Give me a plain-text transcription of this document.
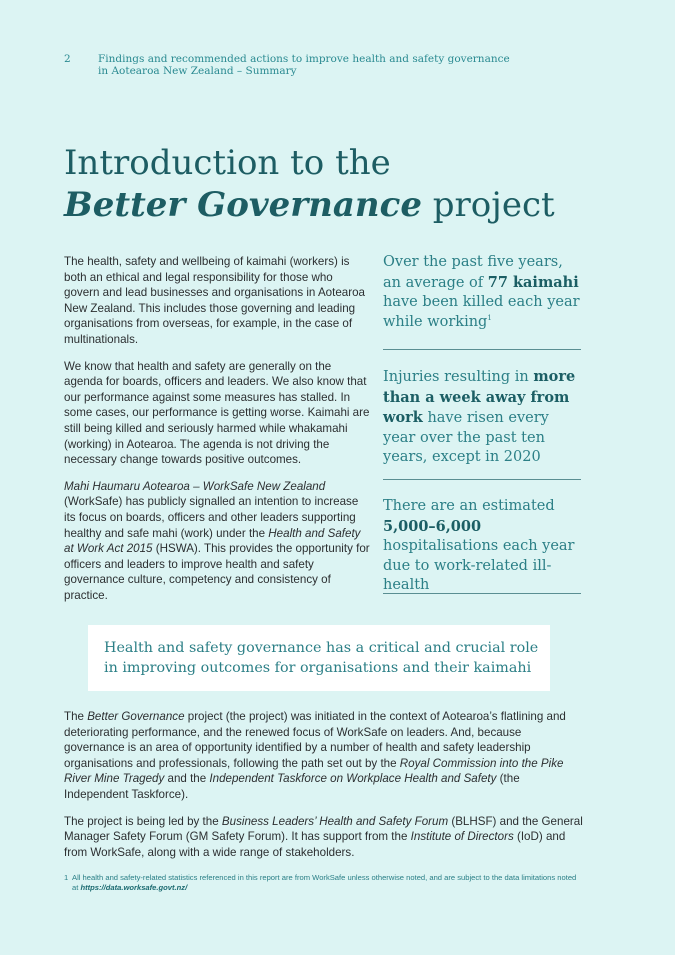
2	Findings and recommended actions to improve health and safety governance
in Aotearoa New Zealand – Summary
Introduction to the
Better Governance project

The health, safety and wellbeing of kaimahi (workers) is both an ethical and legal responsibility for those who govern and lead businesses and organisations in Aotearoa New Zealand. This includes those governing and leading organisations from overseas, for example, in the case of multinationals.

We know that health and safety are generally on the agenda for boards, officers and leaders. We also know that our performance against some measures has stalled. In some cases, our performance is getting worse. Kaimahi are still being killed and seriously harmed while whakamahi (working) in Aotearoa. The agenda is not driving the necessary change towards positive outcomes.

Mahi Haumaru Aotearoa – WorkSafe New Zealand (WorkSafe) has publicly signalled an intention to increase its focus on boards, officers and other leaders supporting healthy and safe mahi (work) under the Health and Safety at Work Act 2015 (HSWA). This provides the opportunity for officers and leaders to improve health and safety governance culture, competency and consistency of practice.

Over the past five years, an average of 77 kaimahi have been killed each year while working$^1$
Injuries resulting in more than a week away from work have risen every year over the past ten years, except in 2020
There are an estimated 5,000–6,000 hospitalisations each year due to work-related ill-health

Health and safety governance has a critical and crucial role in improving outcomes for organisations and their kaimahi

The Better Governance project (the project) was initiated in the context of Aotearoa’s flatlining and deteriorating performance, and the renewed focus of WorkSafe on leaders. And, because governance is an area of opportunity identified by a number of health and safety leadership organisations and professionals, following the path set out by the Royal Commission into the Pike River Mine Tragedy and the Independent Taskforce on Workplace Health and Safety (the Independent Taskforce).

The project is being led by the Business Leaders’ Health and Safety Forum (BLHSF) and the General Manager Safety Forum (GM Safety Forum). It has support from the Institute of Directors (IoD) and from WorkSafe, along with a wide range of stakeholders.

1 All health and safety-related statistics referenced in this report are from WorkSafe unless otherwise noted, and are subject to the data limitations noted at https://data.worksafe.govt.nz/
